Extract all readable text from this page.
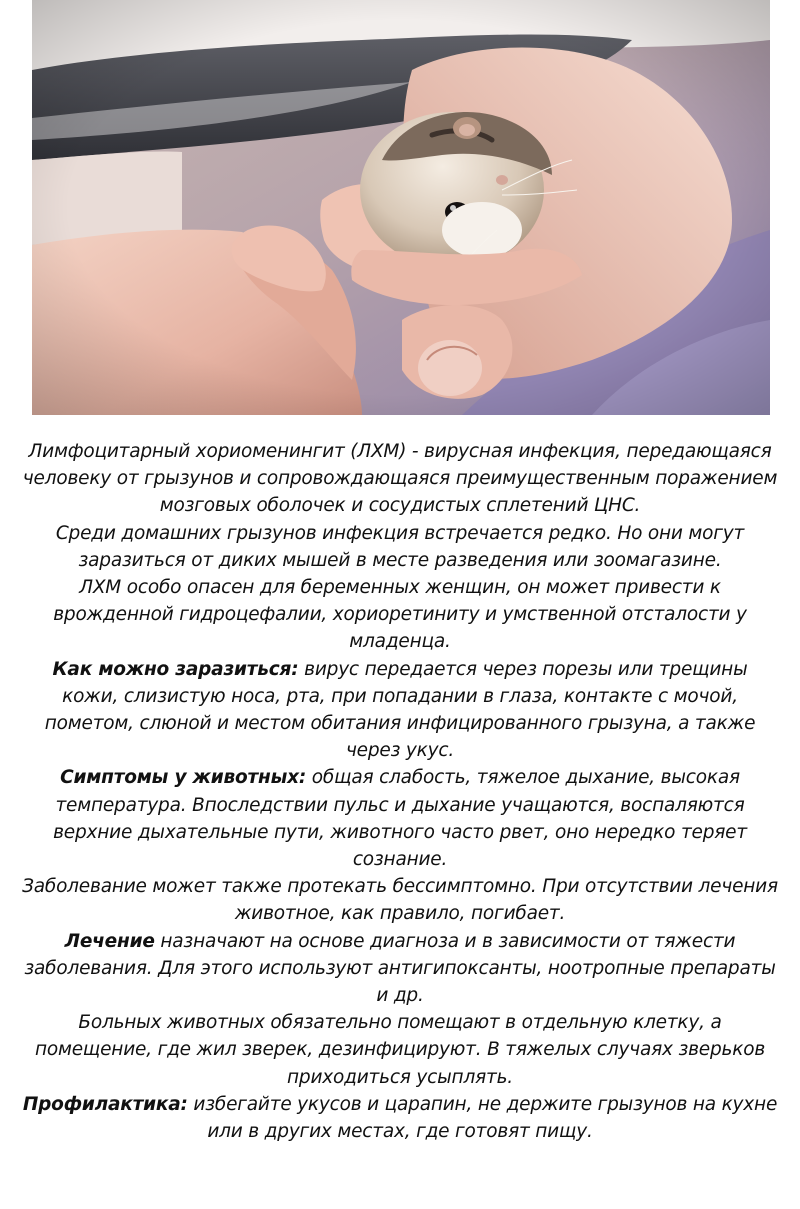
Лимфоцитарный хориоменингит (ЛХМ) - вирусная инфекция, передающаяся человеку от грызунов и сопровождающаяся преимущественным поражением мозговых оболочек и сосудистых сплетений ЦНС.

Среди домашних грызунов инфекция встречается редко. Но они могут заразиться от диких мышей в месте разведения или зоомагазине.

ЛХМ особо опасен для беременных женщин, он может привести к врожденной гидроцефалии, хориоретиниту и умственной отсталости у младенца.

Как можно заразиться: вирус передается через порезы или трещины кожи, слизистую носа, рта, при попадании в глаза, контакте с мочой, пометом, слюной и местом обитания инфицированного грызуна, а также через укус.

Симптомы у животных: общая слабость, тяжелое дыхание, высокая температура. Впоследствии пульс и дыхание учащаются, воспаляются верхние дыхательные пути, животного часто рвет, оно нередко теряет сознание.

Заболевание может также протекать бессимптомно. При отсутствии лечения животное, как правило, погибает.

Лечение назначают на основе диагноза и в зависимости от тяжести заболевания. Для этого используют антигипоксанты, ноотропные препараты и др.

Больных животных обязательно помещают в отдельную клетку, а помещение, где жил зверек, дезинфицируют. В тяжелых случаях зверьков приходиться усыплять.

Профилактика: избегайте укусов и царапин, не держите грызунов на кухне или в других местах, где готовят пищу.
